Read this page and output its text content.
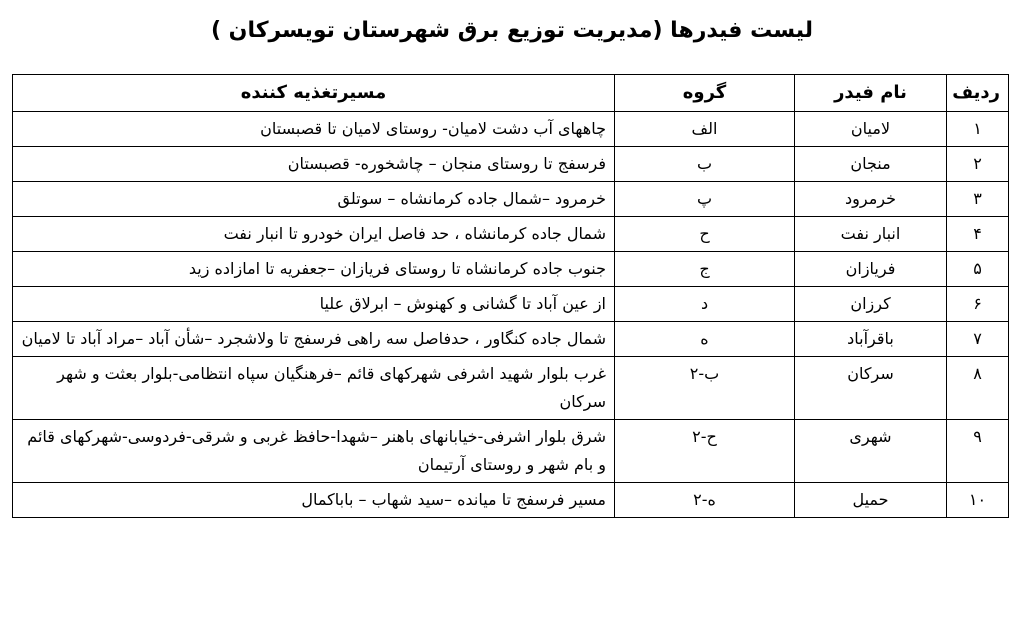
لیست فیدرها (مدیریت توزیع برق شهرستان تویسرکان )
ردیف	نام فیدر	گروه	مسیرتغذیه کننده
۱	لامیان	الف	چاههای آب دشت لامیان- روستای لامیان تا قصبستان
۲	منجان	ب	فرسفج تا روستای منجان – چاشخوره- قصبستان
۳	خرمرود	پ	خرمرود –شمال جاده کرمانشاه – سوتلق
۴	انبار نفت	ح	شمال جاده کرمانشاه ، حد فاصل ایران خودرو تا انبار نفت
۵	فریازان	ج	جنوب جاده کرمانشاه تا روستای فریازان –جعفریه تا امازاده زید
۶	کرزان	د	از عین آباد تا گشانی و کهنوش – ابرلاق علیا
۷	باقرآباد	ه	شمال جاده کنگاور ، حدفاصل سه راهی فرسفج تا ولاشجرد –شأن آباد –مراد آباد تا لامیان
۸	سرکان	ب-۲	غرب بلوار شهید اشرفی شهرکهای قائم –فرهنگیان سپاه انتظامی-بلوار بعثت و شهر سرکان
۹	شهری	ح-۲	شرق بلوار اشرفی-خیابانهای باهنر –شهدا-حافظ غربی و شرقی-فردوسی-شهرکهای قائم و بام شهر و روستای آرتیمان
۱۰	حمیل	ه-۲	مسیر فرسفج تا میانده –سید شهاب – باباکمال
